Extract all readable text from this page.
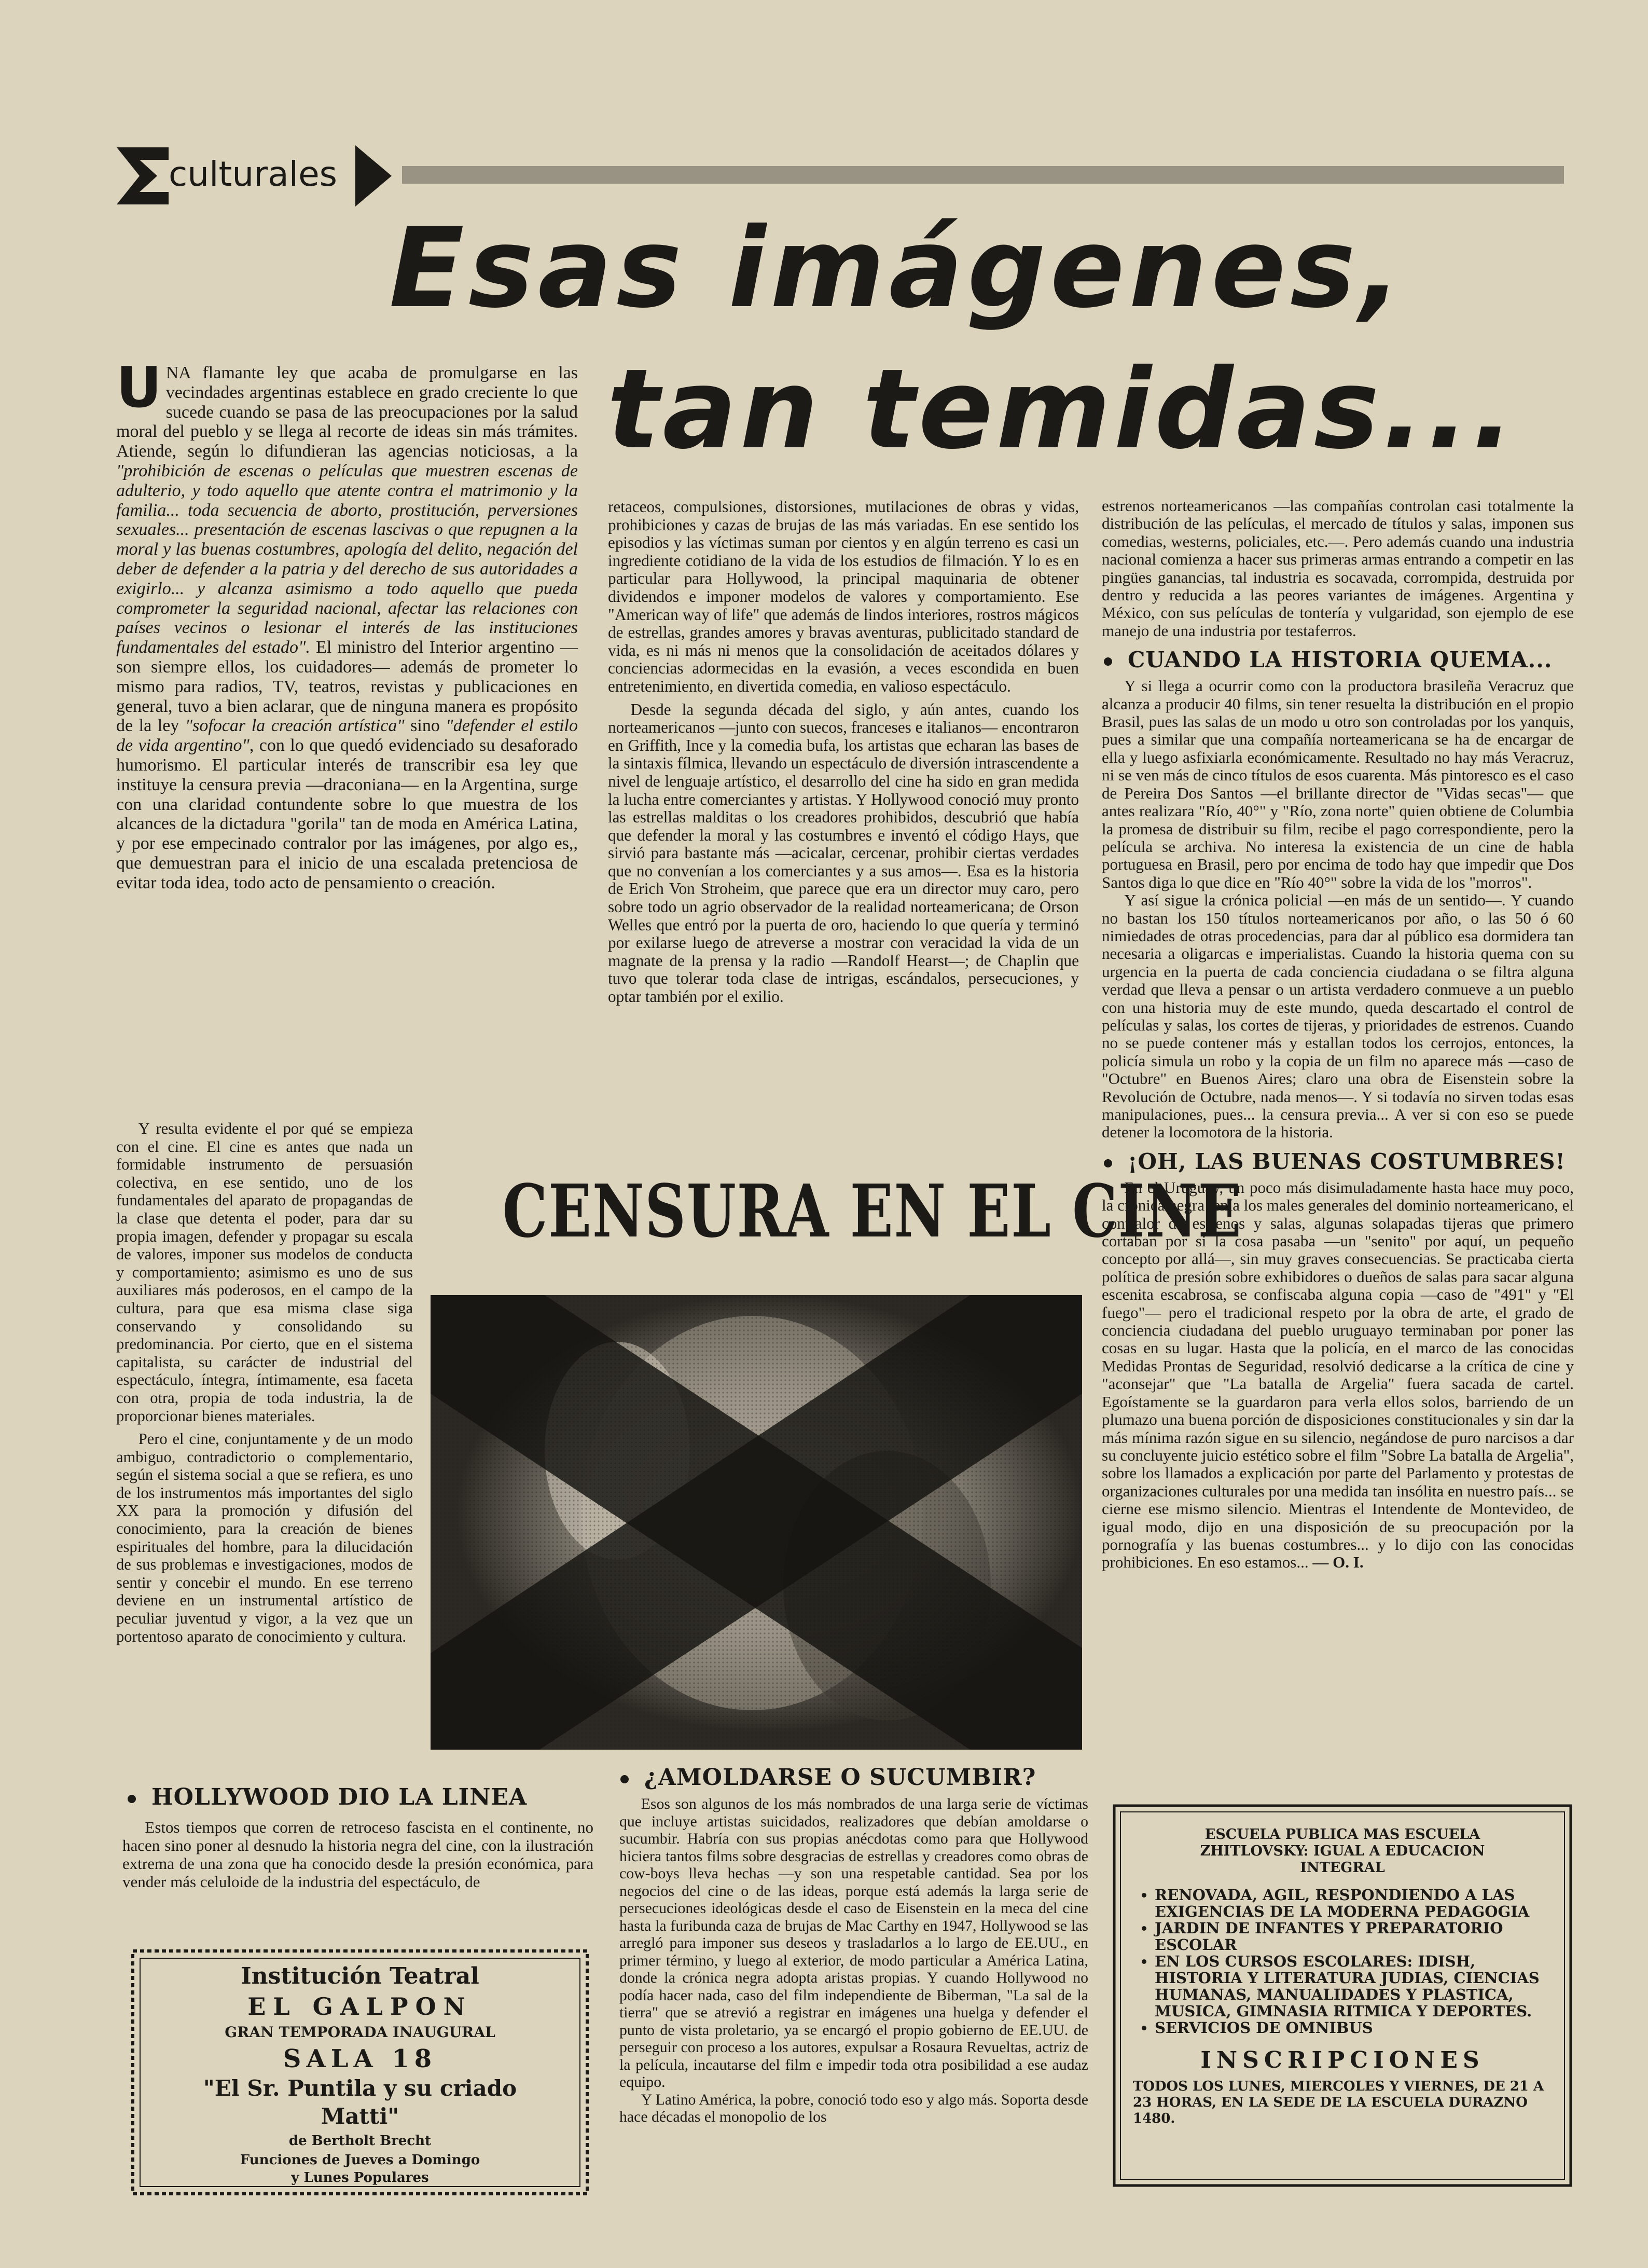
culturales
Esas imágenes,
tan temidas...

UNA flamante ley que acaba de promulgarse en las vecindades argentinas establece en grado creciente lo que sucede cuando se pasa de las preocupaciones por la salud moral del pueblo y se llega al recorte de ideas sin más trámites. Atiende, según lo difundieran las agencias noticiosas, a la "prohibición de escenas o películas que muestren escenas de adulterio, y todo aquello que atente contra el matrimonio y la familia... toda secuencia de aborto, prostitución, perversiones sexuales... presentación de escenas lascivas o que repugnen a la moral y las buenas costumbres, apología del delito, negación del deber de defender a la patria y del derecho de sus autoridades a exigirlo... y alcanza asimismo a todo aquello que pueda comprometer la seguridad nacional, afectar las relaciones con países vecinos o lesionar el interés de las instituciones fundamentales del estado". El ministro del Interior argentino —son siempre ellos, los cuidadores— además de prometer lo mismo para radios, TV, teatros, revistas y publicaciones en general, tuvo a bien aclarar, que de ninguna manera es propósito de la ley "sofocar la creación artística" sino "defender el estilo de vida argentino", con lo que quedó evidenciado su desaforado humorismo. El particular interés de transcribir esa ley que instituye la censura previa —draconiana— en la Argentina, surge con una claridad contundente sobre lo que muestra de los alcances de la dictadura "gorila" tan de moda en América Latina, y por ese empecinado contralor por las imágenes, por algo es,, que demuestran para el inicio de una escalada pretenciosa de evitar toda idea, todo acto de pensamiento o creación.

Y resulta evidente el por qué se empieza con el cine. El cine es antes que nada un formidable instrumento de persuasión colectiva, en ese sentido, uno de los fundamentales del aparato de propagandas de la clase que detenta el poder, para dar su propia imagen, defender y propagar su escala de valores, imponer sus modelos de conducta y comportamiento; asimismo es uno de sus auxiliares más poderosos, en el campo de la cultura, para que esa misma clase siga conservando y consolidando su predominancia. Por cierto, que en el sistema capitalista, su carácter de industrial del espectáculo, íntegra, íntimamente, esa faceta con otra, propia de toda industria, la de proporcionar bienes materiales.

Pero el cine, conjuntamente y de un modo ambiguo, contradictorio o complementario, según el sistema social a que se refiera, es uno de los instrumentos más importantes del siglo XX para la promoción y difusión del conocimiento, para la creación de bienes espirituales del hombre, para la dilucidación de sus problemas e investigaciones, modos de sentir y concebir el mundo. En ese terreno deviene en un instrumental artístico de peculiar juventud y vigor, a la vez que un portentoso aparato de conocimiento y cultura.

retaceos, compulsiones, distorsiones, mutilaciones de obras y vidas, prohibiciones y cazas de brujas de las más variadas. En ese sentido los episodios y las víctimas suman por cientos y en algún terreno es casi un ingrediente cotidiano de la vida de los estudios de filmación. Y lo es en particular para Hollywood, la principal maquinaria de obtener dividendos e imponer modelos de valores y comportamiento. Ese "American way of life" que además de lindos interiores, rostros mágicos de estrellas, grandes amores y bravas aventuras, publicitado standard de vida, es ni más ni menos que la consolidación de aceitados dólares y conciencias adormecidas en la evasión, a veces escondida en buen entretenimiento, en divertida comedia, en valioso espectáculo.

Desde la segunda década del siglo, y aún antes, cuando los norteamericanos —junto con suecos, franceses e italianos— encontraron en Griffith, Ince y la comedia bufa, los artistas que echaran las bases de la sintaxis fílmica, llevando un espectáculo de diversión intrascendente a nivel de lenguaje artístico, el desarrollo del cine ha sido en gran medida la lucha entre comerciantes y artistas. Y Hollywood conoció muy pronto las estrellas malditas o los creadores prohibidos, descubrió que había que defender la moral y las costumbres e inventó el código Hays, que sirvió para bastante más —acicalar, cercenar, prohibir ciertas verdades que no convenían a los comerciantes y a sus amos—. Esa es la historia de Erich Von Stroheim, que parece que era un director muy caro, pero sobre todo un agrio observador de la realidad norteamericana; de Orson Welles que entró por la puerta de oro, haciendo lo que quería y terminó por exilarse luego de atreverse a mostrar con veracidad la vida de un magnate de la prensa y la radio —Randolf Hearst—; de Chaplin que tuvo que tolerar toda clase de intrigas, escándalos, persecuciones, y optar también por el exilio.

estrenos norteamericanos —las compañías controlan casi totalmente la distribución de las películas, el mercado de títulos y salas, imponen sus comedias, westerns, policiales, etc.—. Pero además cuando una industria nacional comienza a hacer sus primeras armas entrando a competir en las pingües ganancias, tal industria es socavada, corrompida, destruida por dentro y reducida a las peores variantes de imágenes. Argentina y México, con sus películas de tontería y vulgaridad, son ejemplo de ese manejo de una industria por testaferros.

CUANDO LA HISTORIA QUEMA...

Y si llega a ocurrir como con la productora brasileña Veracruz que alcanza a producir 40 films, sin tener resuelta la distribución en el propio Brasil, pues las salas de un modo u otro son controladas por los yanquis, pues a similar que una compañía norteamericana se ha de encargar de ella y luego asfixiarla económicamente. Resultado no hay más Veracruz, ni se ven más de cinco títulos de esos cuarenta. Más pintoresco es el caso de Pereira Dos Santos —el brillante director de "Vidas secas"— que antes realizara "Río, 40°" y "Río, zona norte" quien obtiene de Columbia la promesa de distribuir su film, recibe el pago correspondiente, pero la película se archiva. No interesa la existencia de un cine de habla portuguesa en Brasil, pero por encima de todo hay que impedir que Dos Santos diga lo que dice en "Río 40°" sobre la vida de los "morros".

Y así sigue la crónica policial —en más de un sentido—. Y cuando no bastan los 150 títulos norteamericanos por año, o las 50 ó 60 nimiedades de otras procedencias, para dar al público esa dormidera tan necesaria a oligarcas e imperialistas. Cuando la historia quema con su urgencia en la puerta de cada conciencia ciudadana o se filtra alguna verdad que lleva a pensar o un artista verdadero conmueve a un pueblo con una historia muy de este mundo, queda descartado el control de películas y salas, los cortes de tijeras, y prioridades de estrenos. Cuando no se puede contener más y estallan todos los cerrojos, entonces, la policía simula un robo y la copia de un film no aparece más —caso de "Octubre" en Buenos Aires; claro una obra de Eisenstein sobre la Revolución de Octubre, nada menos—. Y si todavía no sirven todas esas manipulaciones, pues... la censura previa... A ver si con eso se puede detener la locomotora de la historia.

¡OH, LAS BUENAS COSTUMBRES!

En el Uruguay, un poco más disimuladamente hasta hace muy poco, la crónica negra tenía los males generales del dominio norteamericano, el contralor de estrenos y salas, algunas solapadas tijeras que primero cortaban por si la cosa pasaba —un "senito" por aquí, un pequeño concepto por allá—, sin muy graves consecuencias. Se practicaba cierta política de presión sobre exhibidores o dueños de salas para sacar alguna escenita escabrosa, se confiscaba alguna copia —caso de "491" y "El fuego"— pero el tradicional respeto por la obra de arte, el grado de conciencia ciudadana del pueblo uruguayo terminaban por poner las cosas en su lugar. Hasta que la policía, en el marco de las conocidas Medidas Prontas de Seguridad, resolvió dedicarse a la crítica de cine y "aconsejar" que "La batalla de Argelia" fuera sacada de cartel. Egoístamente se la guardaron para verla ellos solos, barriendo de un plumazo una buena porción de disposiciones constitucionales y sin dar la más mínima razón sigue en su silencio, negándose de puro narcisos a dar su concluyente juicio estético sobre el film "Sobre La batalla de Argelia", sobre los llamados a explicación por parte del Parlamento y protestas de organizaciones culturales por una medida tan insólita en nuestro país... se cierne ese mismo silencio. Mientras el Intendente de Montevideo, de igual modo, dijo en una disposición de su preocupación por la pornografía y las buenas costumbres... y lo dijo con las conocidas prohibiciones. En eso estamos... — O. I.

CENSURA EN EL CINE
HOLLYWOOD DIO LA LINEA

Estos tiempos que corren de retroceso fascista en el continente, no hacen sino poner al desnudo la historia negra del cine, con la ilustración extrema de una zona que ha conocido desde la presión económica, para vender más celuloide de la industria del espectáculo, de

¿AMOLDARSE O SUCUMBIR?

Esos son algunos de los más nombrados de una larga serie de víctimas que incluye artistas suicidados, realizadores que debían amoldarse o sucumbir. Habría con sus propias anécdotas como para que Hollywood hiciera tantos films sobre desgracias de estrellas y creadores como obras de cow-boys lleva hechas —y son una respetable cantidad. Sea por los negocios del cine o de las ideas, porque está además la larga serie de persecuciones ideológicas desde el caso de Eisenstein en la meca del cine hasta la furibunda caza de brujas de Mac Carthy en 1947, Hollywood se las arregló para imponer sus deseos y trasladarlos a lo largo de EE.UU., en primer término, y luego al exterior, de modo particular a América Latina, donde la crónica negra adopta aristas propias. Y cuando Hollywood no podía hacer nada, caso del film independiente de Biberman, "La sal de la tierra" que se atrevió a registrar en imágenes una huelga y defender el punto de vista proletario, ya se encargó el propio gobierno de EE.UU. de perseguir con proceso a los autores, expulsar a Rosaura Revueltas, actriz de la película, incautarse del film e impedir toda otra posibilidad a ese audaz equipo.

Y Latino América, la pobre, conoció todo eso y algo más. Soporta desde hace décadas el monopolio de los

Institución Teatral
EL GALPON
GRAN TEMPORADA INAUGURAL
SALA 18
"El Sr. Puntila y su criado Matti"
de Bertholt Brecht
Funciones de Jueves a Domingo
y Lunes Populares
ESCUELA PUBLICA MAS ESCUELA ZHITLOVSKY: IGUAL A EDUCACION INTEGRAL
• RENOVADA, AGIL, RESPONDIENDO A LAS EXIGENCIAS DE LA MODERNA PEDAGOGIA
• JARDIN DE INFANTES Y PREPARATORIO ESCOLAR
• EN LOS CURSOS ESCOLARES: IDISH, HISTORIA Y LITERATURA JUDIAS, CIENCIAS HUMANAS, MANUALIDADES Y PLASTICA, MUSICA, GIMNASIA RITMICA Y DEPORTES.
• SERVICIOS DE OMNIBUS
INSCRIPCIONES
TODOS LOS LUNES, MIERCOLES Y VIERNES, DE 21 A 23 HORAS, EN LA SEDE DE LA ESCUELA DURAZNO 1480.
